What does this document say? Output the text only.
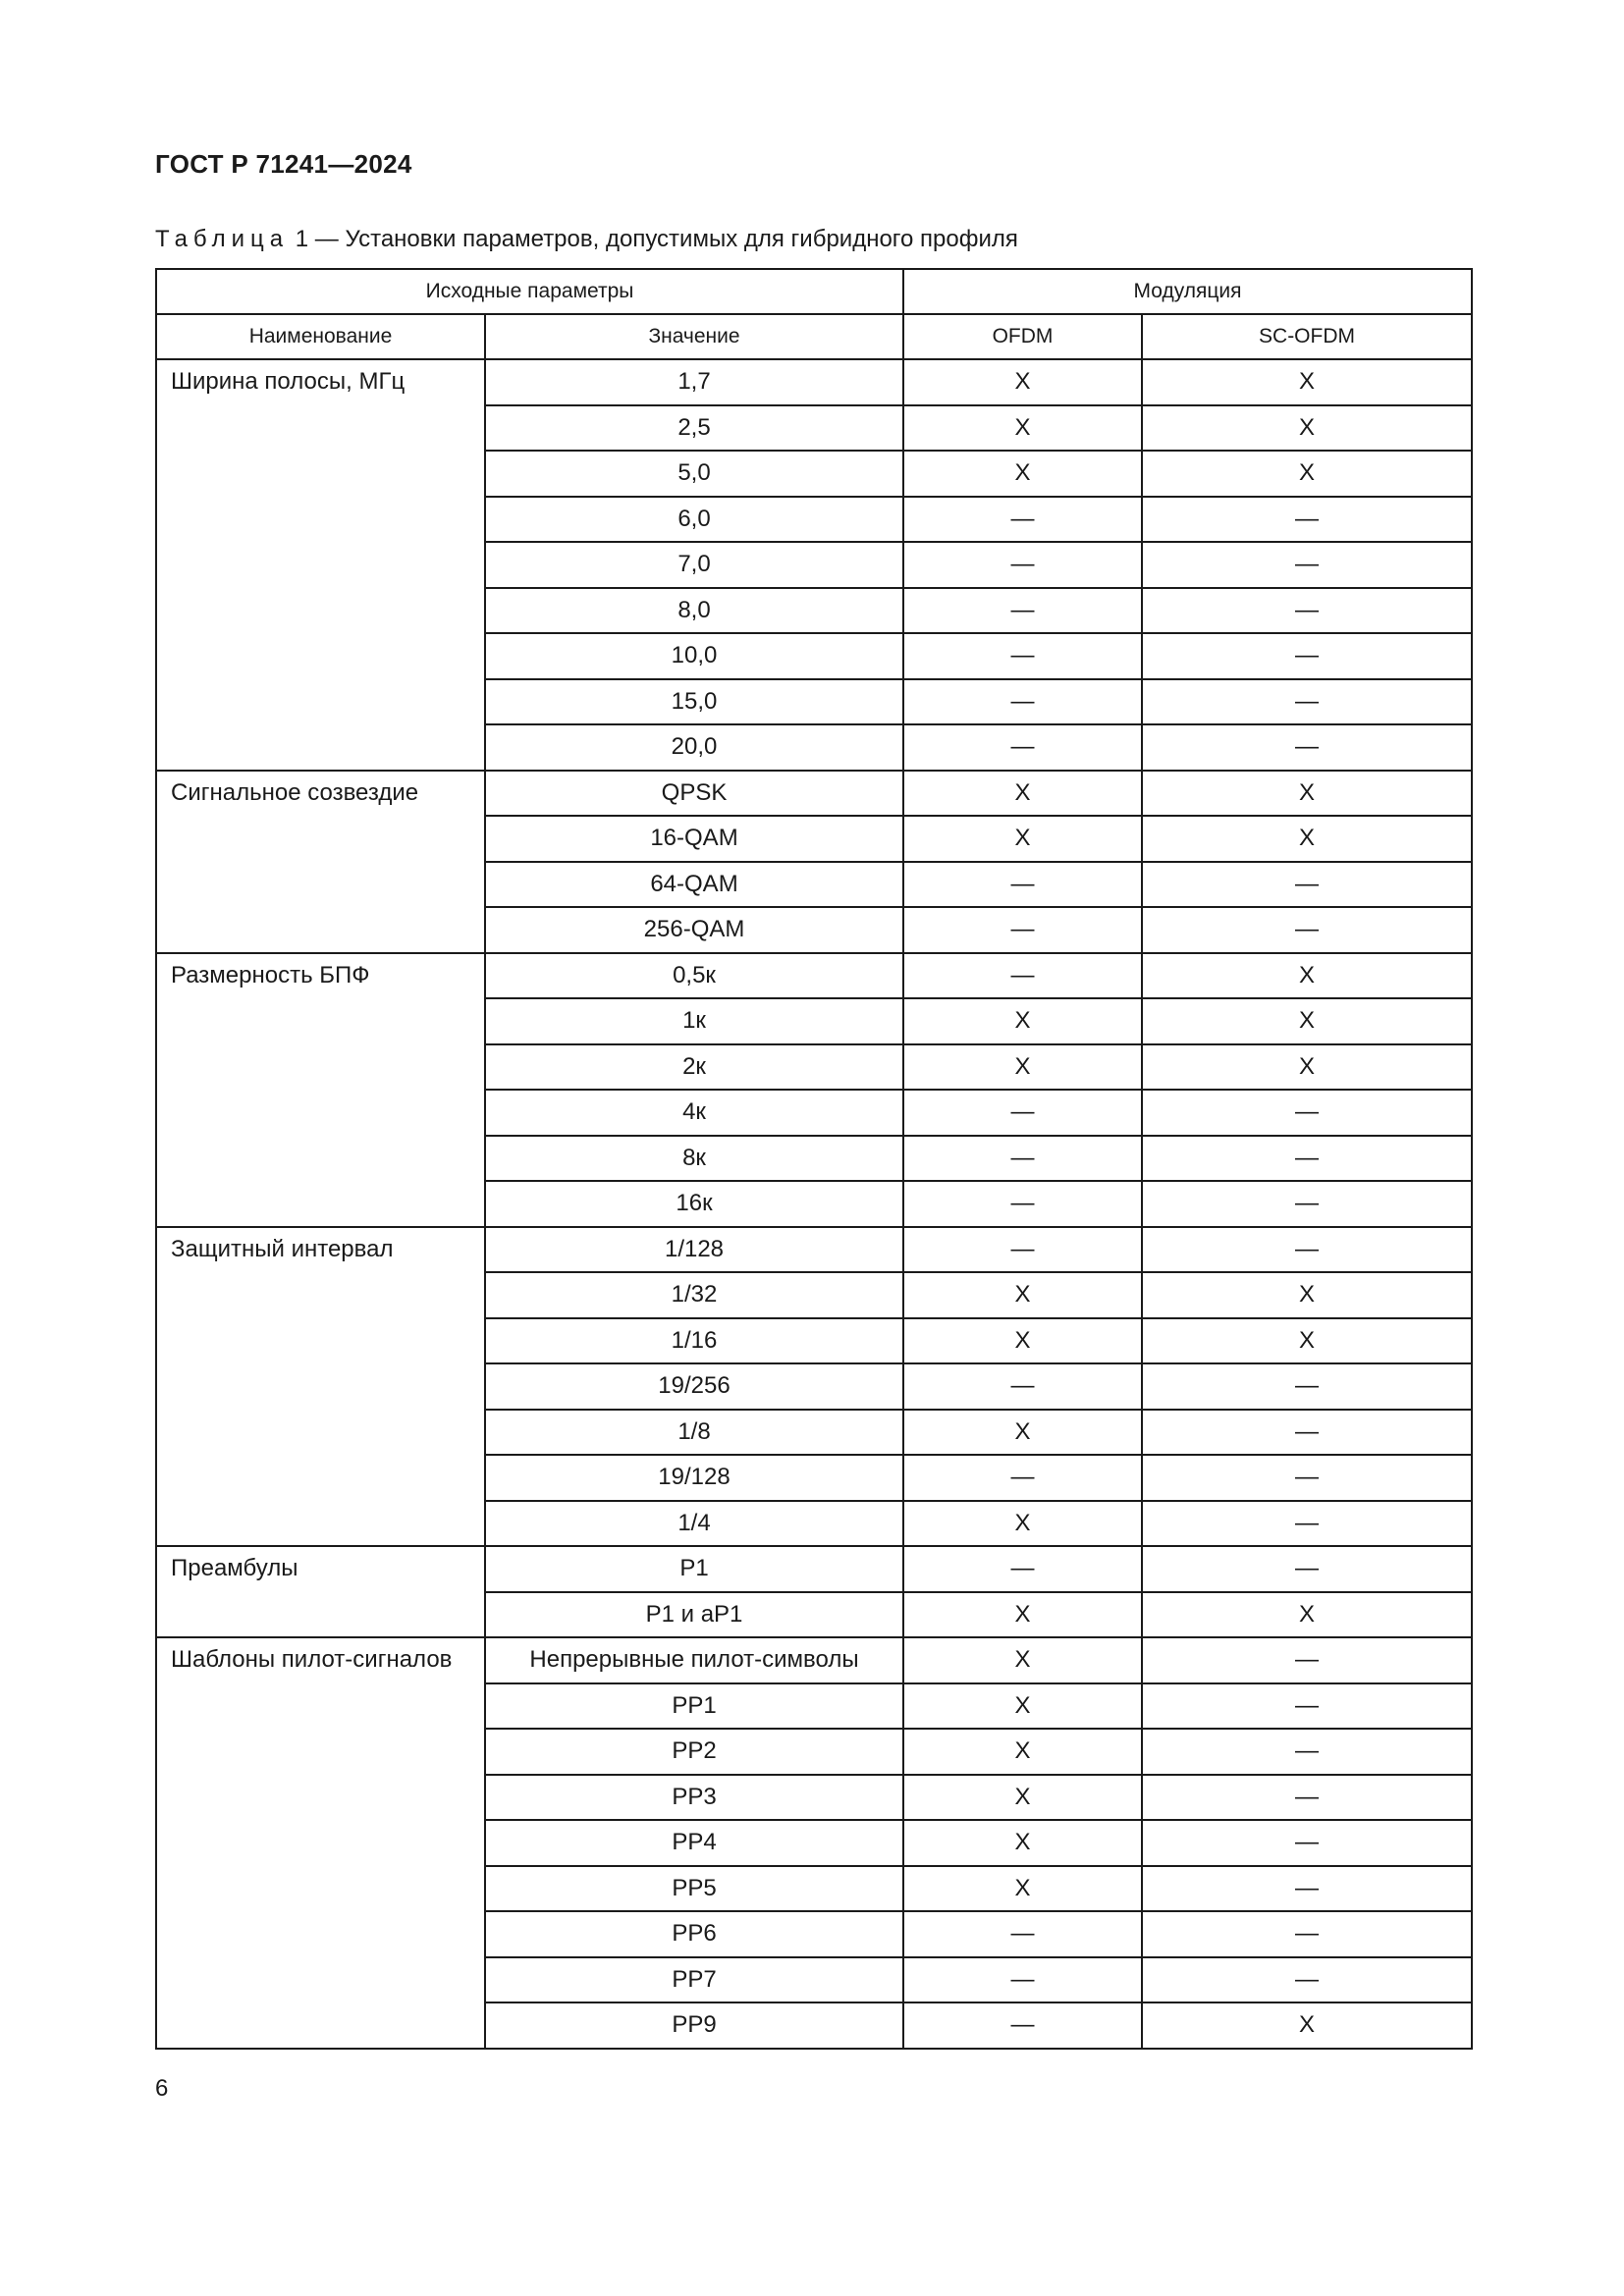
ГОСТ Р 71241—2024
Таблица 1 — Установки параметров, допустимых для гибридного профиля
Исходные параметры		Модуляция	
Наименование	Значение	OFDM	SC-OFDM
Ширина полосы, МГц	1,7	X	X
	2,5	X	X
	5,0	X	X
	6,0	—	—
	7,0	—	—
	8,0	—	—
	10,0	—	—
	15,0	—	—
	20,0	—	—
Сигнальное созвездие	QPSK	X	X
	16-QAM	X	X
	64-QAM	—	—
	256-QAM	—	—
Размерность БПФ	0,5к	—	X
	1к	X	X
	2к	X	X
	4к	—	—
	8к	—	—
	16к	—	—
Защитный интервал	1/128	—	—
	1/32	X	X
	1/16	X	X
	19/256	—	—
	1/8	X	—
	19/128	—	—
	1/4	X	—
Преамбулы	P1	—	—
	P1 и aP1	X	X
Шаблоны пилот-сигналов	Непрерывные пилот-символы	X	—
	PP1	X	—
	PP2	X	—
	PP3	X	—
	PP4	X	—
	PP5	X	—
	PP6	—	—
	PP7	—	—
	PP9	—	X
6
